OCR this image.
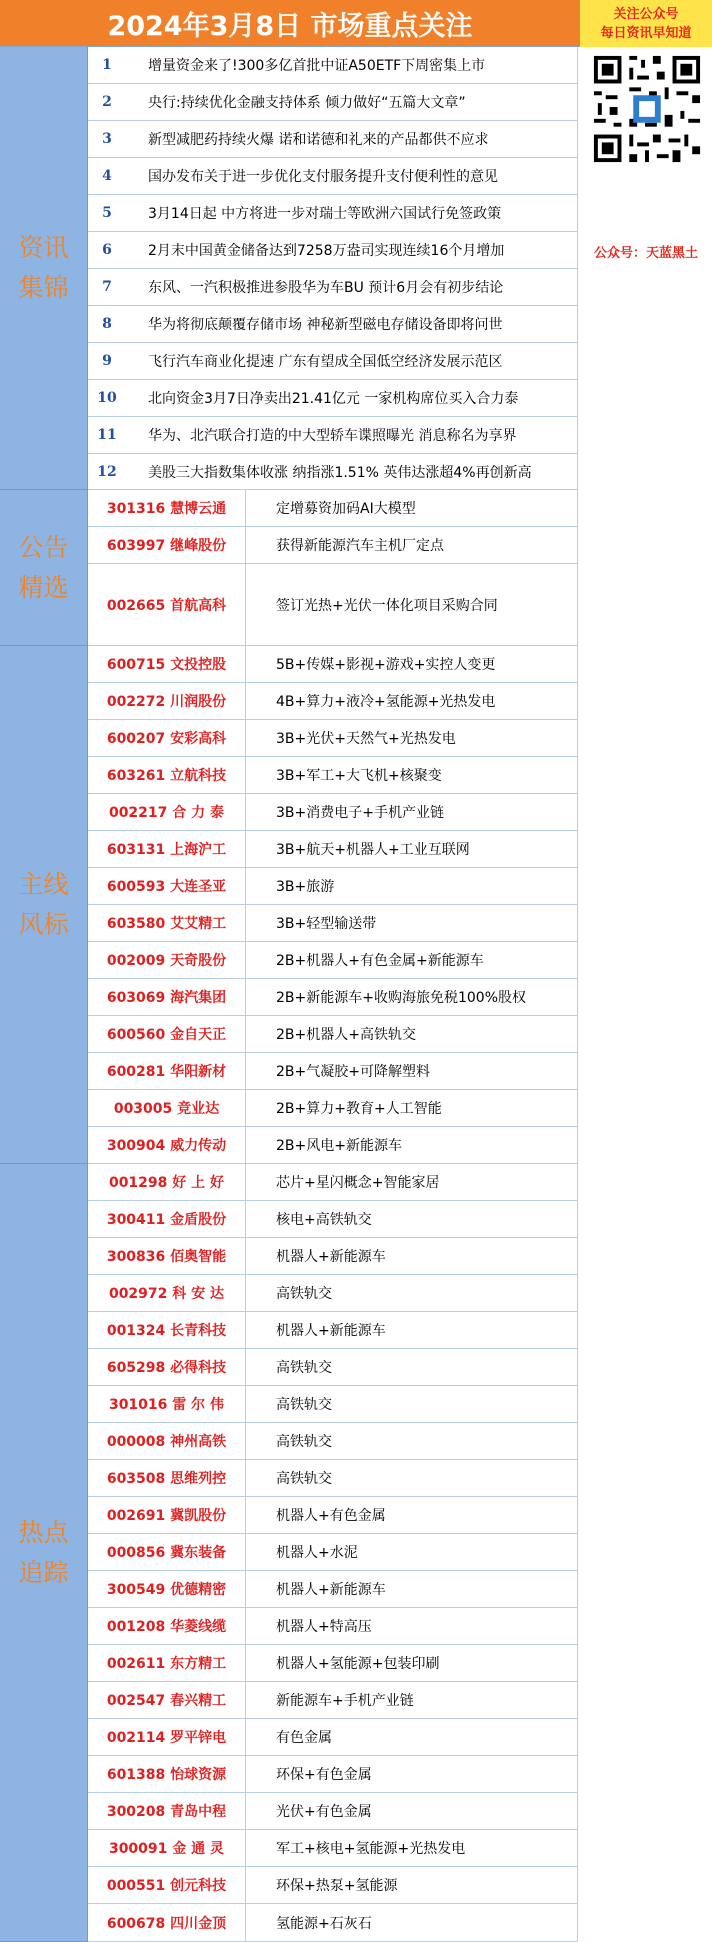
2024年3月8日 市场重点关注	关注公众号
每日资讯早知道
公众号：天蓝黑土
资讯集锦
公告精选
主线风标
热点追踪
1	增量资金来了!300多亿首批中证A50ETF下周密集上市
2	央行:持续优化金融支持体系 倾力做好“五篇大文章”
3	新型减肥药持续火爆 诺和诺德和礼来的产品都供不应求
4	国办发布关于进一步优化支付服务提升支付便利性的意见
5	3月14日起 中方将进一步对瑞士等欧洲六国试行免签政策
6	2月末中国黄金储备达到7258万盎司实现连续16个月增加
7	东风、一汽积极推进参股华为车BU 预计6月会有初步结论
8	华为将彻底颠覆存储市场 神秘新型磁电存储设备即将问世
9	飞行汽车商业化提速 广东有望成全国低空经济发展示范区
10	北向资金3月7日净卖出21.41亿元 一家机构席位买入合力泰
11	华为、北汽联合打造的中大型轿车谍照曝光 消息称名为享界
12	美股三大指数集体收涨 纳指涨1.51% 英伟达涨超4%再创新高
301316 慧博云通	定增募资加码AI大模型
603997 继峰股份	获得新能源汽车主机厂定点
002665 首航高科	签订光热+光伏一体化项目采购合同
600715 文投控股	5B+传媒+影视+游戏+实控人变更
002272 川润股份	4B+算力+液冷+氢能源+光热发电
600207 安彩高科	3B+光伏+天然气+光热发电
603261 立航科技	3B+军工+大飞机+核聚变
002217 合 力 泰	3B+消费电子+手机产业链
603131 上海沪工	3B+航天+机器人+工业互联网
600593 大连圣亚	3B+旅游
603580 艾艾精工	3B+轻型输送带
002009 天奇股份	2B+机器人+有色金属+新能源车
603069 海汽集团	2B+新能源车+收购海旅免税100%股权
600560 金自天正	2B+机器人+高铁轨交
600281 华阳新材	2B+气凝胶+可降解塑料
003005 竞业达	2B+算力+教育+人工智能
300904 威力传动	2B+风电+新能源车
001298 好 上 好	芯片+星闪概念+智能家居
300411 金盾股份	核电+高铁轨交
300836 佰奥智能	机器人+新能源车
002972 科 安 达	高铁轨交
001324 长青科技	机器人+新能源车
605298 必得科技	高铁轨交
301016 雷 尔 伟	高铁轨交
000008 神州高铁	高铁轨交
603508 思维列控	高铁轨交
002691 冀凯股份	机器人+有色金属
000856 冀东装备	机器人+水泥
300549 优德精密	机器人+新能源车
001208 华菱线缆	机器人+特高压
002611 东方精工	机器人+氢能源+包装印刷
002547 春兴精工	新能源车+手机产业链
002114 罗平锌电	有色金属
601388 怡球资源	环保+有色金属
300208 青岛中程	光伏+有色金属
300091 金 通 灵	军工+核电+氢能源+光热发电
000551 创元科技	环保+热泵+氢能源
600678 四川金顶	氢能源+石灰石
